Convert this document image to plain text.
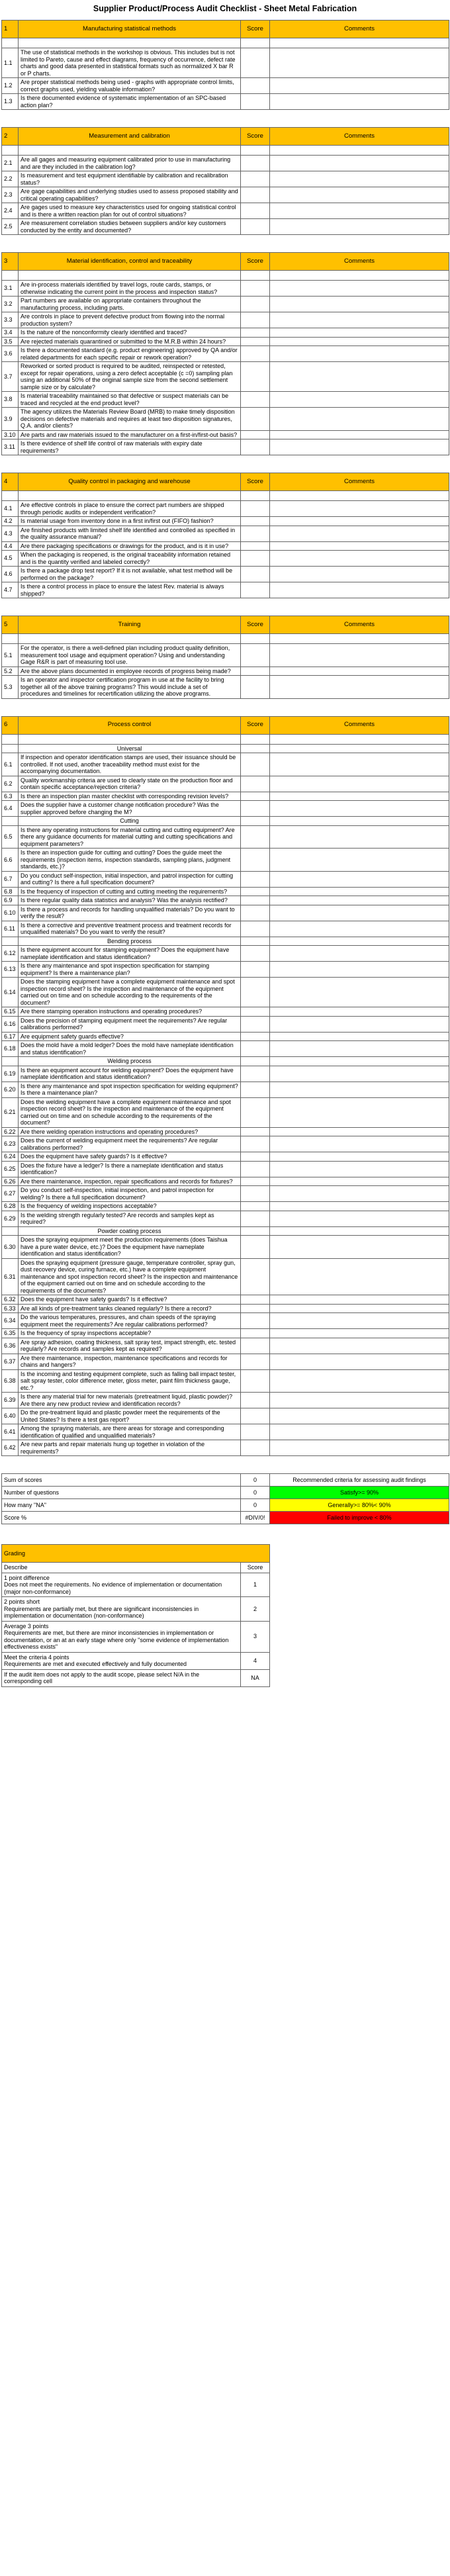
Supplier Product/Process Audit Checklist - Sheet Metal Fabrication
1	Manufacturing statistical methods	Score	Comments

1.1	The use of statistical methods in the workshop is obvious. This includes but is not limited to Pareto, cause and effect diagrams, frequency of occurrence, defect rate charts and good data presented in statistical formats such as normalized X bar R or P charts.		
1.2	Are proper statistical methods being used - graphs with appropriate control limits, correct graphs used, yielding valuable information?		
1.3	Is there documented evidence of systematic implementation of an SPC-based action plan?		
2	Measurement and calibration	Score	Comments

2.1	Are all gages and measuring equipment calibrated prior to use in manufacturing and are they included in the calibration log?		
2.2	Is measurement and test equipment identifiable by calibration and recalibration status?		
2.3	Are gage capabilities and underlying studies used to assess proposed stability and critical operating capabilities?		
2.4	Are gages used to measure key characteristics used for ongoing statistical control and is there a written reaction plan for out of control situations?		
2.5	Are measurement correlation studies between suppliers and/or key customers conducted by the entity and documented?		
3	Material identification, control and traceability	Score	Comments

3.1	Are in-process materials identified by travel logs, route cards, stamps, or otherwise indicating the current point in the process and inspection status?		
3.2	Part numbers are available on appropriate containers throughout the manufacturing process, including parts.		
3.3	Are controls in place to prevent defective product from flowing into the normal production system?		
3.4	Is the nature of the nonconformity clearly identified and traced?		
3.5	Are rejected materials quarantined or submitted to the M.R.B within 24 hours?		
3.6	Is there a documented standard (e.g. product engineering) approved by QA and/or related departments for each specific repair or rework operation?		
3.7	Reworked or sorted product is required to be audited, reinspected or retested, except for repair operations, using a zero defect acceptable (c =0) sampling plan using an additional 50% of the original sample size from the second settlement sample size or by calculate?		
3.8	Is material traceability maintained so that defective or suspect materials can be traced and recycled at the end product level?		
3.9	The agency utilizes the Materials Review Board (MRB) to make timely disposition decisions on defective materials and requires at least two disposition signatures, Q.A. and/or clients?		
3.10	Are parts and raw materials issued to the manufacturer on a first-in/first-out basis?		
3.11	Is there evidence of shelf life control of raw materials with expiry date requirements?		
4	Quality control in packaging and warehouse	Score	Comments

4.1	Are effective controls in place to ensure the correct part numbers are shipped through periodic audits or independent verification?		
4.2	Is material usage from inventory done in a first in/first out (FIFO) fashion?		
4.3	Are finished products with limited shelf life identified and controlled as specified in the quality assurance manual?		
4.4	Are there packaging specifications or drawings for the product, and is it in use?		
4.5	When the packaging is reopened, is the original traceability information retained and is the quantity verified and labeled correctly?		
4.6	Is there a package drop test report? If it is not available, what test method will be performed on the package?		
4.7	Is there a control process in place to ensure the latest Rev. material is always shipped?		
5	Training	Score	Comments

5.1	For the operator, is there a well-defined plan including product quality definition, measurement tool usage and equipment operation? Using and understanding Gage R&R is part of measuring tool use.		
5.2	Are the above plans documented in employee records of progress being made?		
5.3	Is an operator and inspector certification program in use at the facility to bring together all of the above training programs? This would include a set of procedures and timelines for recertification utilizing the above programs.		
6	Process control	Score	Comments

	Universal		
6.1	If inspection and operator identification stamps are used, their issuance should be controlled. If not used, another traceability method must exist for the accompanying documentation.		
6.2	Quality workmanship criteria are used to clearly state on the production floor and contain specific acceptance/rejection criteria?		
6.3	Is there an inspection plan master checklist with corresponding revision levels?		
6.4	Does the supplier have a customer change notification procedure? Was the supplier approved before changing the M?		
	Cutting		
6.5	Is there any operating instructions for material cutting and cutting equipment? Are there any guidance documents for material cutting and cutting specifications and equipment parameters?		
6.6	Is there an inspection guide for cutting and cutting? Does the guide meet the requirements (inspection items, inspection standards, sampling plans, judgment standards, etc.)?		
6.7	Do you conduct self-inspection, initial inspection, and patrol inspection for cutting and cutting? Is there a full specification document?		
6.8	Is the frequency of inspection of cutting and cutting meeting the requirements?		
6.9	Is there regular quality data statistics and analysis? Was the analysis rectified?		
6.10	Is there a process and records for handling unqualified materials? Do you want to verify the result?		
6.11	Is there a corrective and preventive treatment process and treatment records for unqualified materials? Do you want to verify the result?		
	Bending process		
6.12	Is there equipment account for stamping equipment? Does the equipment have nameplate identification and status identification?		
6.13	Is there any maintenance and spot inspection specification for stamping equipment? Is there a maintenance plan?		
6.14	Does the stamping equipment have a complete equipment maintenance and spot inspection record sheet? Is the inspection and maintenance of the equipment carried out on time and on schedule according to the requirements of the document?		
6.15	Are there stamping operation instructions and operating procedures?		
6.16	Does the precision of stamping equipment meet the requirements? Are regular calibrations performed?		
6.17	Are equipment safety guards effective?		
6.18	Does the mold have a mold ledger? Does the mold have nameplate identification and status identification?		
	Welding process		
6.19	Is there an equipment account for welding equipment? Does the equipment have nameplate identification and status identification?		
6.20	Is there any maintenance and spot inspection specification for welding equipment? Is there a maintenance plan?		
6.21	Does the welding equipment have a complete equipment maintenance and spot inspection record sheet? Is the inspection and maintenance of the equipment carried out on time and on schedule according to the requirements of the document?		
6.22	Are there welding operation instructions and operating procedures?		
6.23	Does the current of welding equipment meet the requirements? Are regular calibrations performed?		
6.24	Does the equipment have safety guards? Is it effective?		
6.25	Does the fixture have a ledger? Is there a nameplate identification and status identification?		
6.26	Are there maintenance, inspection, repair specifications and records for fixtures?		
6.27	Do you conduct self-inspection, initial inspection, and patrol inspection for welding? Is there a full specification document?		
6.28	Is the frequency of welding inspections acceptable?		
6.29	Is the welding strength regularly tested? Are records and samples kept as required?		
	Powder coating process		
6.30	Does the spraying equipment meet the production requirements (does Taishua have a pure water device, etc.)? Does the equipment have nameplate identification and status identification?		
6.31	Does the spraying equipment (pressure gauge, temperature controller, spray gun, dust recovery device, curing furnace, etc.) have a complete equipment maintenance and spot inspection record sheet? Is the inspection and maintenance of the equipment carried out on time and on schedule according to the requirements of the documents?		
6.32	Does the equipment have safety guards? Is it effective?		
6.33	Are all kinds of pre-treatment tanks cleaned regularly? Is there a record?		
6.34	Do the various temperatures, pressures, and chain speeds of the spraying equipment meet the requirements? Are regular calibrations performed?		
6.35	Is the frequency of spray inspections acceptable?		
6.36	Are spray adhesion, coating thickness, salt spray test, impact strength, etc. tested regularly? Are records and samples kept as required?		
6.37	Are there maintenance, inspection, maintenance specifications and records for chains and hangers?		
6.38	Is the incoming and testing equipment complete, such as falling ball impact tester, salt spray tester, color difference meter, gloss meter, paint film thickness gauge, etc.?		
6.39	Is there any material trial for new materials (pretreatment liquid, plastic powder)? Are there any new product review and identification records?		
6.40	Do the pre-treatment liquid and plastic powder meet the requirements of the United States? Is there a test gas report?		
6.41	Among the spraying materials, are there areas for storage and corresponding identification of qualified and unqualified materials?		
6.42	Are new parts and repair materials hung up together in violation of the requirements?		
Sum of scores	0	Recommended criteria for assessing audit findings
Number of questions	0	Satisfy>= 90%
How many "NA"	0	Generally>= 80%< 90%
Score %	#DIV/0!	Failed to improve < 80%
Grading	
Describe	Score

1 point difference
Does not meet the requirements. No evidence of implementation or documentation (major non-conformance)	1

2 points short
Requirements are partially met, but there are significant inconsistencies in implementation or documentation (non-conformance)	2

Average 3 points
Requirements are met, but there are minor inconsistencies in implementation or documentation, or an at an early stage where only "some evidence of implementation effectiveness exists"	3

Meet the criteria 4 points
Requirements are met and executed effectively and fully documented	4

If the audit item does not apply to the audit scope, please select N/A in the corresponding cell	NA
